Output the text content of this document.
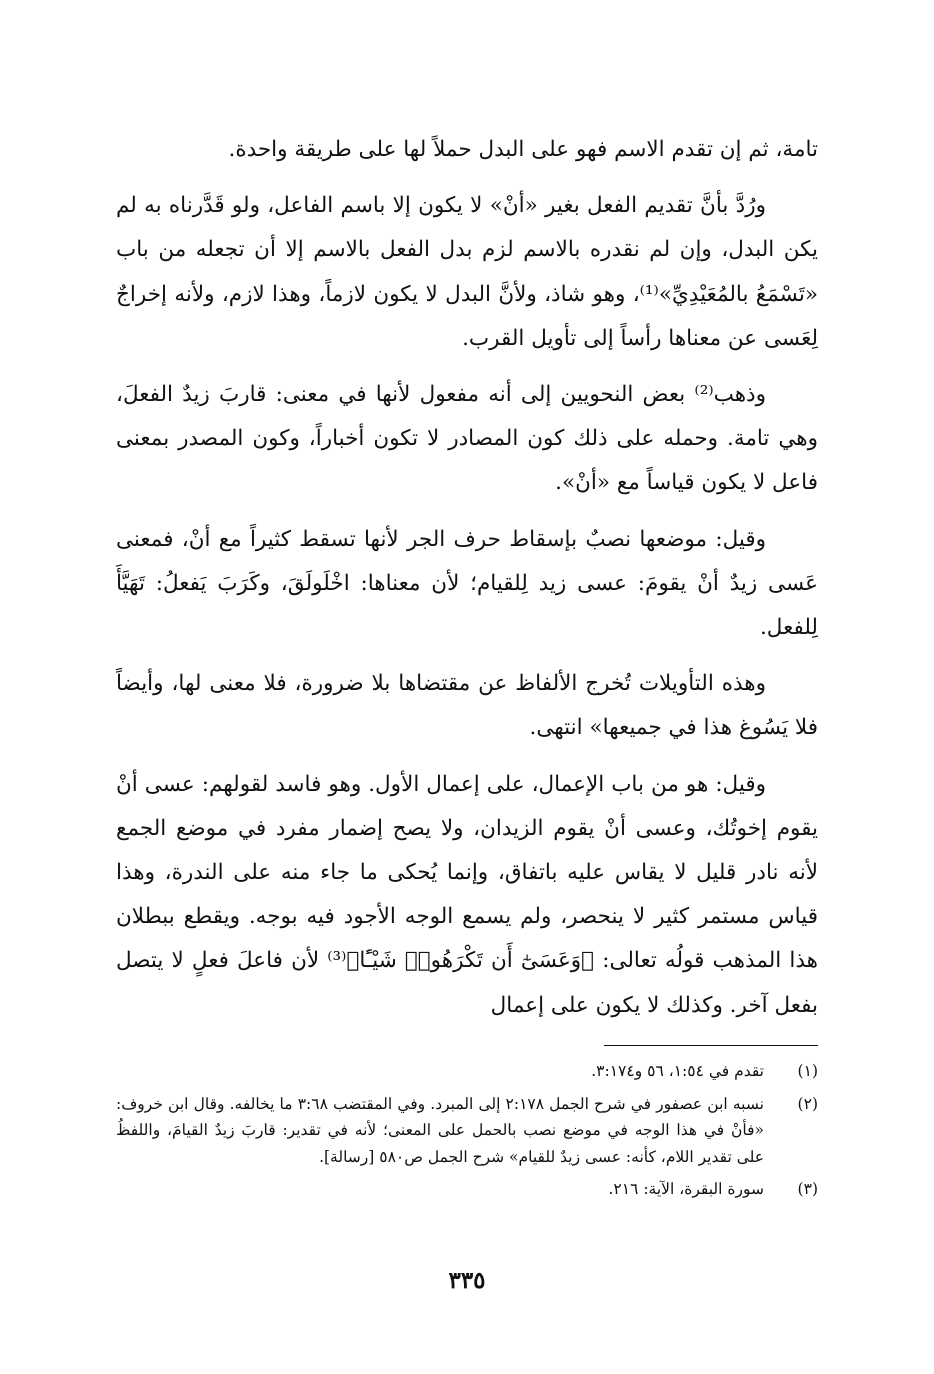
تامة، ثم إن تقدم الاسم فهو على البدل حملاً لها على طريقة واحدة.

ورُدَّ بأنَّ تقديم الفعل بغير «أنْ» لا يكون إلا باسم الفاعل، ولو قَدَّرناه به لم يكن البدل، وإن لم نقدره بالاسم لزم بدل الفعل بالاسم إلا أن تجعله من باب «تَسْمَعُ بالمُعَيْدِيِّ»⁽¹⁾، وهو شاذ، ولأنَّ البدل لا يكون لازماً، وهذا لازم، ولأنه إخراجٌ لِعَسى عن معناها رأساً إلى تأويل القرب.

وذهب⁽²⁾ بعض النحويين إلى أنه مفعول لأنها في معنى: قاربَ زيدٌ الفعلَ، وهي تامة. وحمله على ذلك كون المصادر لا تكون أخباراً، وكون المصدر بمعنى فاعل لا يكون قياساً مع «أنْ».

وقيل: موضعها نصبٌ بإسقاط حرف الجر لأنها تسقط كثيراً مع أنْ، فمعنى عَسى زيدٌ أنْ يقومَ: عسى زيد لِلقيام؛ لأن معناها: اخْلَولَقَ، وكَرَبَ يَفعلُ: تَهَيَّأَ لِلفعل.

وهذه التأويلات تُخرج الألفاظ عن مقتضاها بلا ضرورة، فلا معنى لها، وأيضاً فلا يَسُوغ هذا في جميعها» انتهى.

وقيل: هو من باب الإعمال، على إعمال الأول. وهو فاسد لقولهم: عسى أنْ يقوم إخوتُك، وعسى أنْ يقوم الزيدان، ولا يصح إضمار مفرد في موضع الجمع لأنه نادر قليل لا يقاس عليه باتفاق، وإنما يُحكى ما جاء منه على الندرة، وهذا قياس مستمر كثير لا ينحصر، ولم يسمع الوجه الأجود فيه بوجه. ويقطع ببطلان هذا المذهب قولُه تعالى: ﴿وَعَسَىٰٓ أَن تَكْرَهُوا۟ شَيْـًٔا﴾⁽³⁾ لأن فاعلَ فعلٍ لا يتصل بفعل آخر. وكذلك لا يكون على إعمال

(١)
تقدم في ١:٥٤، ٥٦ و٣:١٧٤.
(٢)
نسبه ابن عصفور في شرح الجمل ٢:١٧٨ إلى المبرد. وفي المقتضب ٣:٦٨ ما يخالفه. وقال ابن خروف: «فأنْ في هذا الوجه في موضع نصب بالحمل على المعنى؛ لأنه في تقدير: قاربَ زيدٌ القيامَ، واللفظُ على تقدير اللام، كأنه: عسى زيدٌ للقيام» شرح الجمل ص٥٨٠ [رسالة].
(٣)
سورة البقرة، الآية: ٢١٦.
٣٣٥
